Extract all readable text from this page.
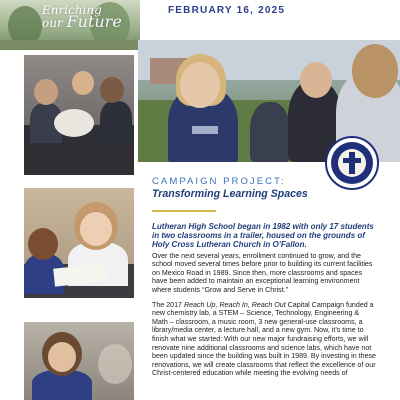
Enriching
our Future
FEBRUARY 16, 2025
CAMPAIGN PROJECT:
Transforming Learning Spaces

Lutheran High School began in 1982 with only 17 students in two classrooms in a trailer, housed on the grounds of Holy Cross Lutheran Church in O’Fallon.

Over the next several years, enrollment continued to grow, and the school moved several times before prior to building its current facilities on Mexico Road in 1989. Since then, more classrooms and spaces have been added to maintain an exceptional learning environment where students “Grow and Serve in Christ.”

The 2017 Reach Up, Reach In, Reach Out Capital Campaign funded a new chemistry lab, a STEM – Science, Technology, Engineering & Math – classroom, a music room, 3 new general-use classrooms, a library/media center, a lecture hall, and a new gym. Now, it’s time to finish what we started: With our new major fundraising efforts, we will renovate nine additional classrooms and science labs, which have not been updated since the building was built in 1989. By investing in these renovations, we will create classrooms that reflect the excellence of our Christ-centered education while meeting the evolving needs of
